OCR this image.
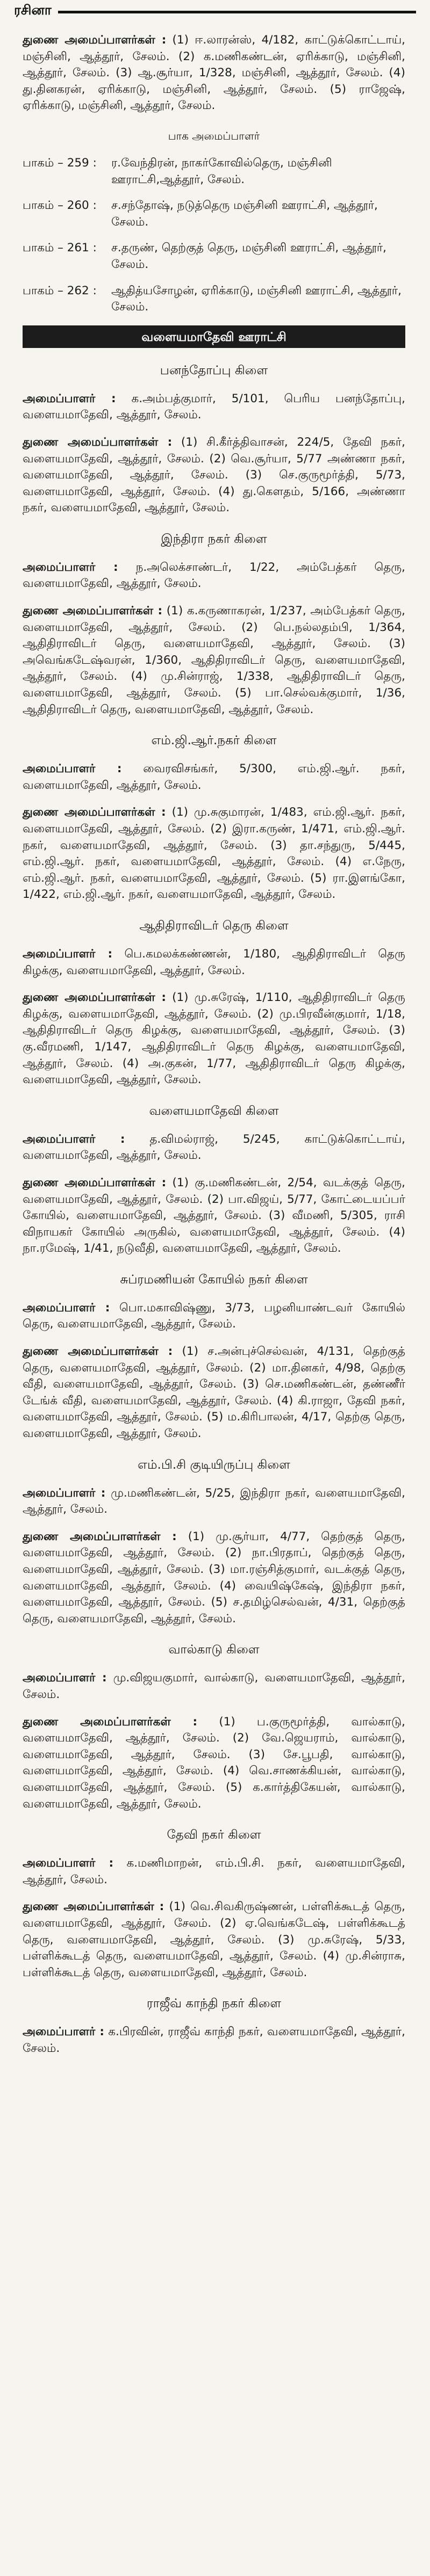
ரசினா

துணை அமைப்பாளர்கள் : (1) ஈ.லாரன்ஸ், 4/182, காட்டுக்கொட்டாய், மஞ்சினி, ஆத்தூர், சேலம். (2) க.மணிகண்டன், ஏரிக்காடு, மஞ்சினி, ஆத்தூர், சேலம். (3) ஆ.சூர்யா, 1/328, மஞ்சினி, ஆத்தூர், சேலம். (4) து.தினகரன், ஏரிக்காடு, மஞ்சினி, ஆத்தூர், சேலம். (5) ராஜேஷ், ஏரிக்காடு, மஞ்சினி, ஆத்தூர், சேலம்.

பாக அமைப்பாளர்
பாகம் – 259 :	ர.வேந்திரன், நாகர்கோவில்தெரு, மஞ்சினி ஊராட்சி,ஆத்தூர், சேலம்.
பாகம் – 260 :	ச.சந்தோஷ், நடுத்தெரு மஞ்சினி ஊராட்சி, ஆத்தூர், சேலம்.
பாகம் – 261 :	ச.தருண், தெற்குத் தெரு, மஞ்சினி ஊராட்சி, ஆத்தூர், சேலம்.
பாகம் – 262 :	ஆதித்யசோழன், ஏரிக்காடு, மஞ்சினி ஊராட்சி, ஆத்தூர், சேலம்.
வளையமாதேவி ஊராட்சி
பனந்தோப்பு கிளை

அமைப்பாளர் : க.அம்பத்குமார், 5/101, பெரிய பனந்தோப்பு, வளையமாதேவி, ஆத்தூர், சேலம்.

துணை அமைப்பாளர்கள் : (1) சி.கீர்த்திவாசன், 224/5, தேவி நகர், வளையமாதேவி, ஆத்தூர், சேலம். (2) வெ.சூர்யா, 5/77 அண்ணா நகர், வளையமாதேவி, ஆத்தூர், சேலம். (3) செ.குருமூர்த்தி, 5/73, வளையமாதேவி, ஆத்தூர், சேலம். (4) து.கௌதம், 5/166, அண்ணா நகர், வளையமாதேவி, ஆத்தூர், சேலம்.

இந்திரா நகர் கிளை

அமைப்பாளர் : ந.அலெக்சாண்டர், 1/22, அம்பேத்கர் தெரு, வளையமாதேவி, ஆத்தூர், சேலம்.

துணை அமைப்பாளர்கள் : (1) க.கருணாகரன், 1/237, அம்பேத்கர் தெரு, வளையமாதேவி, ஆத்தூர், சேலம். (2) பெ.நல்லதம்பி, 1/364, ஆதிதிராவிடர் தெரு, வளையமாதேவி, ஆத்தூர், சேலம். (3) அவெங்கடேஷ்வரன், 1/360, ஆதிதிராவிடர் தெரு, வளையமாதேவி, ஆத்தூர், சேலம். (4) மு.சின்ராஜ், 1/338, ஆதிதிராவிடர் தெரு, வளையமாதேவி, ஆத்தூர், சேலம். (5) பா.செல்வக்குமார், 1/36, ஆதிதிராவிடர் தெரு, வளையமாதேவி, ஆத்தூர், சேலம்.

எம்.ஜி.ஆர்.நகர் கிளை

அமைப்பாளர் : வைரவிசங்கர், 5/300, எம்.ஜி.ஆர். நகர், வளையமாதேவி, ஆத்தூர், சேலம்.

துணை அமைப்பாளர்கள் : (1) மு.சுகுமாரன், 1/483, எம்.ஜி.ஆர். நகர், வளையமாதேவி, ஆத்தூர், சேலம். (2) இரா.கருண், 1/471, எம்.ஜி.ஆர். நகர், வளையமாதேவி, ஆத்தூர், சேலம். (3) தா.சந்துரு, 5/445, எம்.ஜி.ஆர். நகர், வளையமாதேவி, ஆத்தூர், சேலம். (4) எ.நேரு, எம்.ஜி.ஆர். நகர், வளையமாதேவி, ஆத்தூர், சேலம். (5) ரா.இளங்கோ, 1/422, எம்.ஜி.ஆர். நகர், வளையமாதேவி, ஆத்தூர், சேலம்.

ஆதிதிராவிடர் தெரு கிளை

அமைப்பாளர் : பெ.கமலக்கண்ணன், 1/180, ஆதிதிராவிடர் தெரு கிழக்கு, வளையமாதேவி, ஆத்தூர், சேலம்.

துணை அமைப்பாளர்கள் : (1) மு.சுரேஷ், 1/110, ஆதிதிராவிடர் தெரு கிழக்கு, வளையமாதேவி, ஆத்தூர், சேலம். (2) மு.பிரவீன்குமார், 1/18, ஆதிதிராவிடர் தெரு கிழக்கு, வளையமாதேவி, ஆத்தூர், சேலம். (3) கு.வீரமணி, 1/147, ஆதிதிராவிடர் தெரு கிழக்கு, வளையமாதேவி, ஆத்தூர், சேலம். (4) அ.குகன், 1/77, ஆதிதிராவிடர் தெரு கிழக்கு, வளையமாதேவி, ஆத்தூர், சேலம்.

வளையமாதேவி கிளை

அமைப்பாளர் : த.விமல்ராஜ், 5/245, காட்டுக்கொட்டாய், வளையமாதேவி, ஆத்தூர், சேலம்.

துணை அமைப்பாளர்கள் : (1) கு.மணிகண்டன், 2/54, வடக்குத் தெரு, வளையமாதேவி, ஆத்தூர், சேலம். (2) பா.விஜய், 5/77, கோட்டையப்பர் கோயில், வளையமாதேவி, ஆத்தூர், சேலம். (3) வீமணி, 5/305, ராசி விநாயகர் கோயில் அருகில், வளையமாதேவி, ஆத்தூர், சேலம். (4) நா.ரமேஷ், 1/41, நடுவீதி, வளையமாதேவி, ஆத்தூர், சேலம்.

சுப்ரமணியன் கோயில் நகர் கிளை

அமைப்பாளர் : பொ.மகாவிஷ்ணு, 3/73, பழனியாண்டவர் கோயில் தெரு, வளையமாதேவி, ஆத்தூர், சேலம்.

துணை அமைப்பாளர்கள் : (1) ச.அன்புச்செல்வன், 4/131, தெற்குத் தெரு, வளையமாதேவி, ஆத்தூர், சேலம். (2) மா.தினகர், 4/98, தெற்கு வீதி, வளையமாதேவி, ஆத்தூர், சேலம். (3) செ.மணிகண்டன், தண்ணீர் டேங்க் வீதி, வளையமாதேவி, ஆத்தூர், சேலம். (4) கி.ராஜா, தேவி நகர், வளையமாதேவி, ஆத்தூர், சேலம். (5) ம.கிரிபாலன், 4/17, தெற்கு தெரு, வளையமாதேவி, ஆத்தூர், சேலம்.

எம்.பி.சி குடியிருப்பு கிளை

அமைப்பாளர் : மு.மணிகண்டன், 5/25, இந்திரா நகர், வளையமாதேவி, ஆத்தூர், சேலம்.

துணை அமைப்பாளர்கள் : (1) மு.சூர்யா, 4/77, தெற்குத் தெரு, வளையமாதேவி, ஆத்தூர், சேலம். (2) நா.பிரதாப், தெற்குத் தெரு, வளையமாதேவி, ஆத்தூர், சேலம். (3) மா.ரஞ்சித்குமார், வடக்குத் தெரு, வளையமாதேவி, ஆத்தூர், சேலம். (4) வையிஷ்கேஷ், இந்திரா நகர், வளையமாதேவி, ஆத்தூர், சேலம். (5) ச.தமிழ்செல்வன், 4/31, தெற்குத் தெரு, வளையமாதேவி, ஆத்தூர், சேலம்.

வால்காடு கிளை

அமைப்பாளர் : மு.விஜயகுமார், வால்காடு, வளையமாதேவி, ஆத்தூர், சேலம்.

துணை அமைப்பாளர்கள் : (1) ப.குருமூர்த்தி, வால்காடு, வளையமாதேவி, ஆத்தூர், சேலம். (2) வே.ஜெயராம், வால்காடு, வளையமாதேவி, ஆத்தூர், சேலம். (3) சே.பூபதி, வால்காடு, வளையமாதேவி, ஆத்தூர், சேலம். (4) வெ.சாணக்கியன், வால்காடு, வளையமாதேவி, ஆத்தூர், சேலம். (5) க.கார்த்திகேயன், வால்காடு, வளையமாதேவி, ஆத்தூர், சேலம்.

தேவி நகர் கிளை

அமைப்பாளர் : க.மணிமாறன், எம்.பி.சி. நகர், வளையமாதேவி, ஆத்தூர், சேலம்.

துணை அமைப்பாளர்கள் : (1) வெ.சிவகிருஷ்ணன், பள்ளிக்கூடத் தெரு, வளையமாதேவி, ஆத்தூர், சேலம். (2) ஏ.வெங்கடேஷ், பள்ளிக்கூடத் தெரு, வளையமாதேவி, ஆத்தூர், சேலம். (3) மு.சுரேஷ், 5/33, பள்ளிக்கூடத் தெரு, வளையமாதேவி, ஆத்தூர், சேலம். (4) மு.சின்ராசு, பள்ளிக்கூடத் தெரு, வளையமாதேவி, ஆத்தூர், சேலம்.

ராஜீவ் காந்தி நகர் கிளை

அமைப்பாளர் : க.பிரவின், ராஜீவ் காந்தி நகர், வளையமாதேவி, ஆத்தூர், சேலம்.
